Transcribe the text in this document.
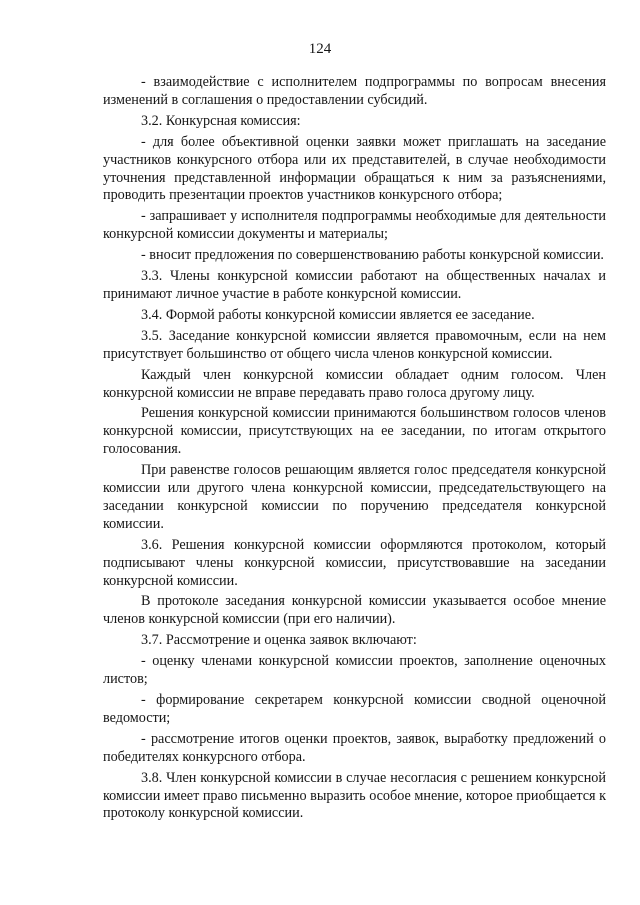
124

- взаимодействие с исполнителем подпрограммы по вопросам внесения изменений в соглашения о предоставлении субсидий.

3.2. Конкурсная комиссия:

- для более объективной оценки заявки может приглашать на заседание участников конкурсного отбора или их представителей, в случае необходимости уточнения представленной информации обращаться к ним за разъяснениями, проводить презентации проектов участников конкурсного отбора;

- запрашивает у исполнителя подпрограммы необходимые для деятельности конкурсной комиссии документы и материалы;

- вносит предложения по совершенствованию работы конкурсной комиссии.

3.3. Члены конкурсной комиссии работают на общественных началах и принимают личное участие в работе конкурсной комиссии.

3.4. Формой работы конкурсной комиссии является ее заседание.

3.5. Заседание конкурсной комиссии является правомочным, если на нем присутствует большинство от общего числа членов конкурсной комиссии.

Каждый член конкурсной комиссии обладает одним голосом. Член конкурсной комиссии не вправе передавать право голоса другому лицу.

Решения конкурсной комиссии принимаются большинством голосов членов конкурсной комиссии, присутствующих на ее заседании, по итогам открытого голосования.

При равенстве голосов решающим является голос председателя конкурсной комиссии или другого члена конкурсной комиссии, председательствующего на заседании конкурсной комиссии по поручению председателя конкурсной комиссии.

3.6. Решения конкурсной комиссии оформляются протоколом, который подписывают члены конкурсной комиссии, присутствовавшие на заседании конкурсной комиссии.

В протоколе заседания конкурсной комиссии указывается особое мнение членов конкурсной комиссии (при его наличии).

3.7. Рассмотрение и оценка заявок включают:

- оценку членами конкурсной комиссии проектов, заполнение оценочных листов;

- формирование секретарем конкурсной комиссии сводной оценочной ведомости;

- рассмотрение итогов оценки проектов, заявок, выработку предложений о победителях конкурсного отбора.

3.8. Член конкурсной комиссии в случае несогласия с решением конкурсной комиссии имеет право письменно выразить особое мнение, которое приобщается к протоколу конкурсной комиссии.
